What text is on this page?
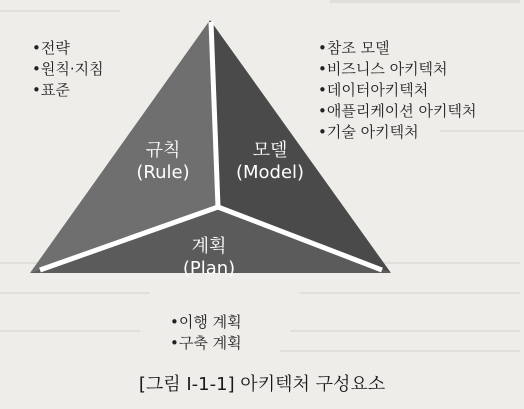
규칙
(Rule)
모델
(Model)
계획
(Plan)
•전략
•원칙·지침
•표준
•참조 모델
•비즈니스 아키텍처
•데이터아키텍처
•애플리케이션 아키텍처
•기술 아키텍처
•이행 계획
•구축 계획
[그림 Ⅰ-1-1] 아키텍처 구성요소
